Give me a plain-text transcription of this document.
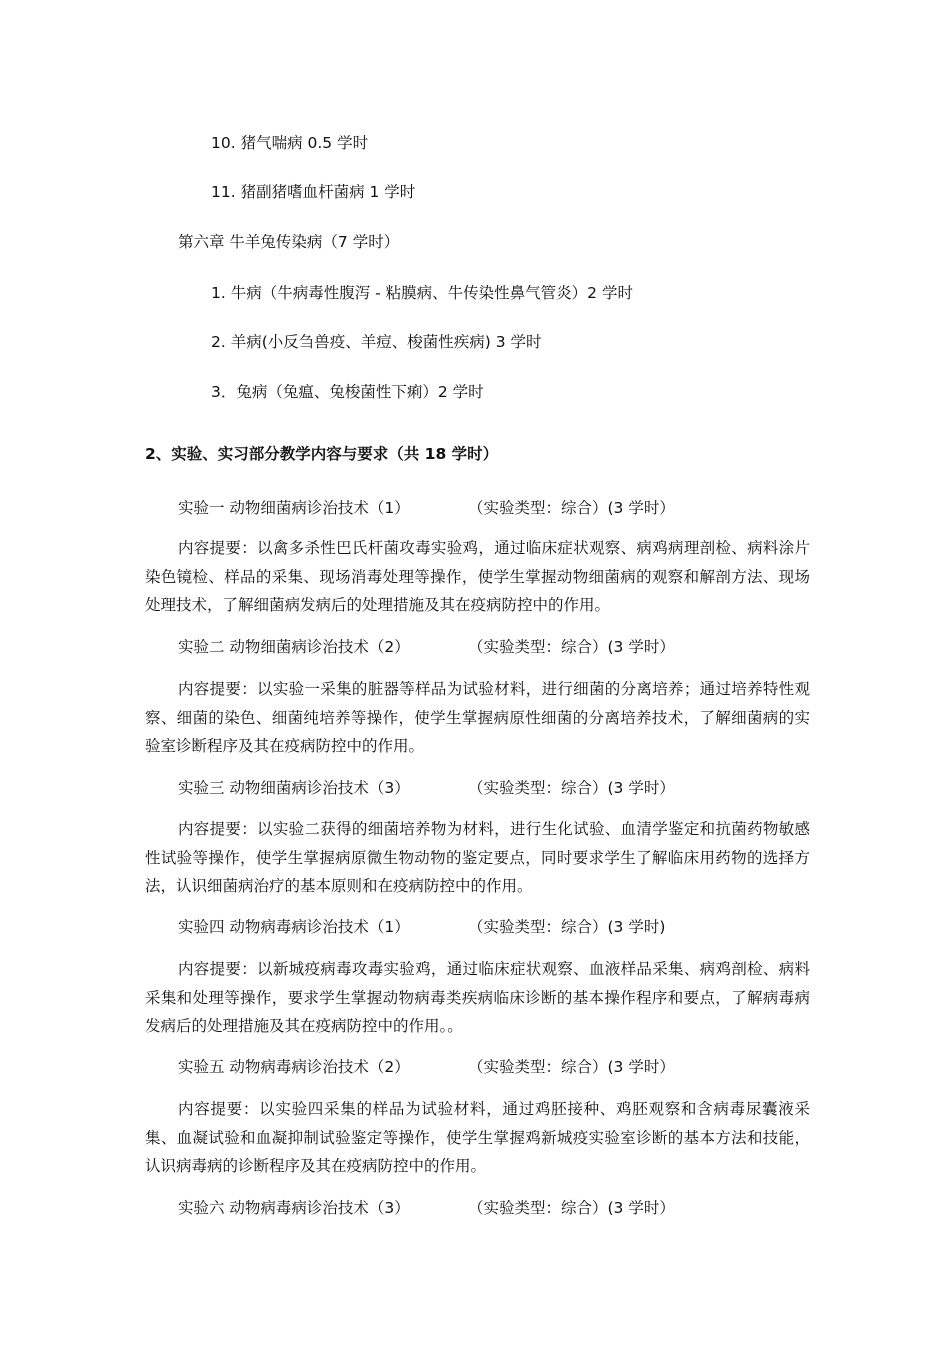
10. 猪气喘病 0.5 学时
11. 猪副猪嗜血杆菌病 1 学时
第六章 牛羊兔传染病（7 学时）
1. 牛病（牛病毒性腹泻 - 粘膜病、牛传染性鼻气管炎）2 学时
2. 羊病(小反刍兽疫、羊痘、梭菌性疾病) 3 学时
3．兔病（兔瘟、兔梭菌性下痢）2 学时
2、实验、实习部分教学内容与要求（共 18 学时）
实验一 动物细菌病诊治技术（1）	（实验类型：综合）(3 学时）
内容提要：以禽多杀性巴氏杆菌攻毒实验鸡，通过临床症状观察、病鸡病理剖检、病料涂片染色镜检、样品的采集、现场消毒处理等操作，使学生掌握动物细菌病的观察和解剖方法、现场处理技术，了解细菌病发病后的处理措施及其在疫病防控中的作用。
实验二 动物细菌病诊治技术（2）	（实验类型：综合）(3 学时）
内容提要：以实验一采集的脏器等样品为试验材料，进行细菌的分离培养；通过培养特性观察、细菌的染色、细菌纯培养等操作，使学生掌握病原性细菌的分离培养技术，了解细菌病的实验室诊断程序及其在疫病防控中的作用。
实验三 动物细菌病诊治技术（3）	（实验类型：综合）(3 学时）
内容提要：以实验二获得的细菌培养物为材料，进行生化试验、血清学鉴定和抗菌药物敏感性试验等操作，使学生掌握病原微生物动物的鉴定要点，同时要求学生了解临床用药物的选择方法，认识细菌病治疗的基本原则和在疫病防控中的作用。
实验四 动物病毒病诊治技术（1）	（实验类型：综合）(3 学时)
内容提要：以新城疫病毒攻毒实验鸡，通过临床症状观察、血液样品采集、病鸡剖检、病料采集和处理等操作，要求学生掌握动物病毒类疾病临床诊断的基本操作程序和要点，了解病毒病发病后的处理措施及其在疫病防控中的作用。。
实验五 动物病毒病诊治技术（2）	（实验类型：综合）(3 学时）
内容提要：以实验四采集的样品为试验材料，通过鸡胚接种、鸡胚观察和含病毒尿囊液采集、血凝试验和血凝抑制试验鉴定等操作，使学生掌握鸡新城疫实验室诊断的基本方法和技能，认识病毒病的诊断程序及其在疫病防控中的作用。
实验六 动物病毒病诊治技术（3）	（实验类型：综合）(3 学时）
